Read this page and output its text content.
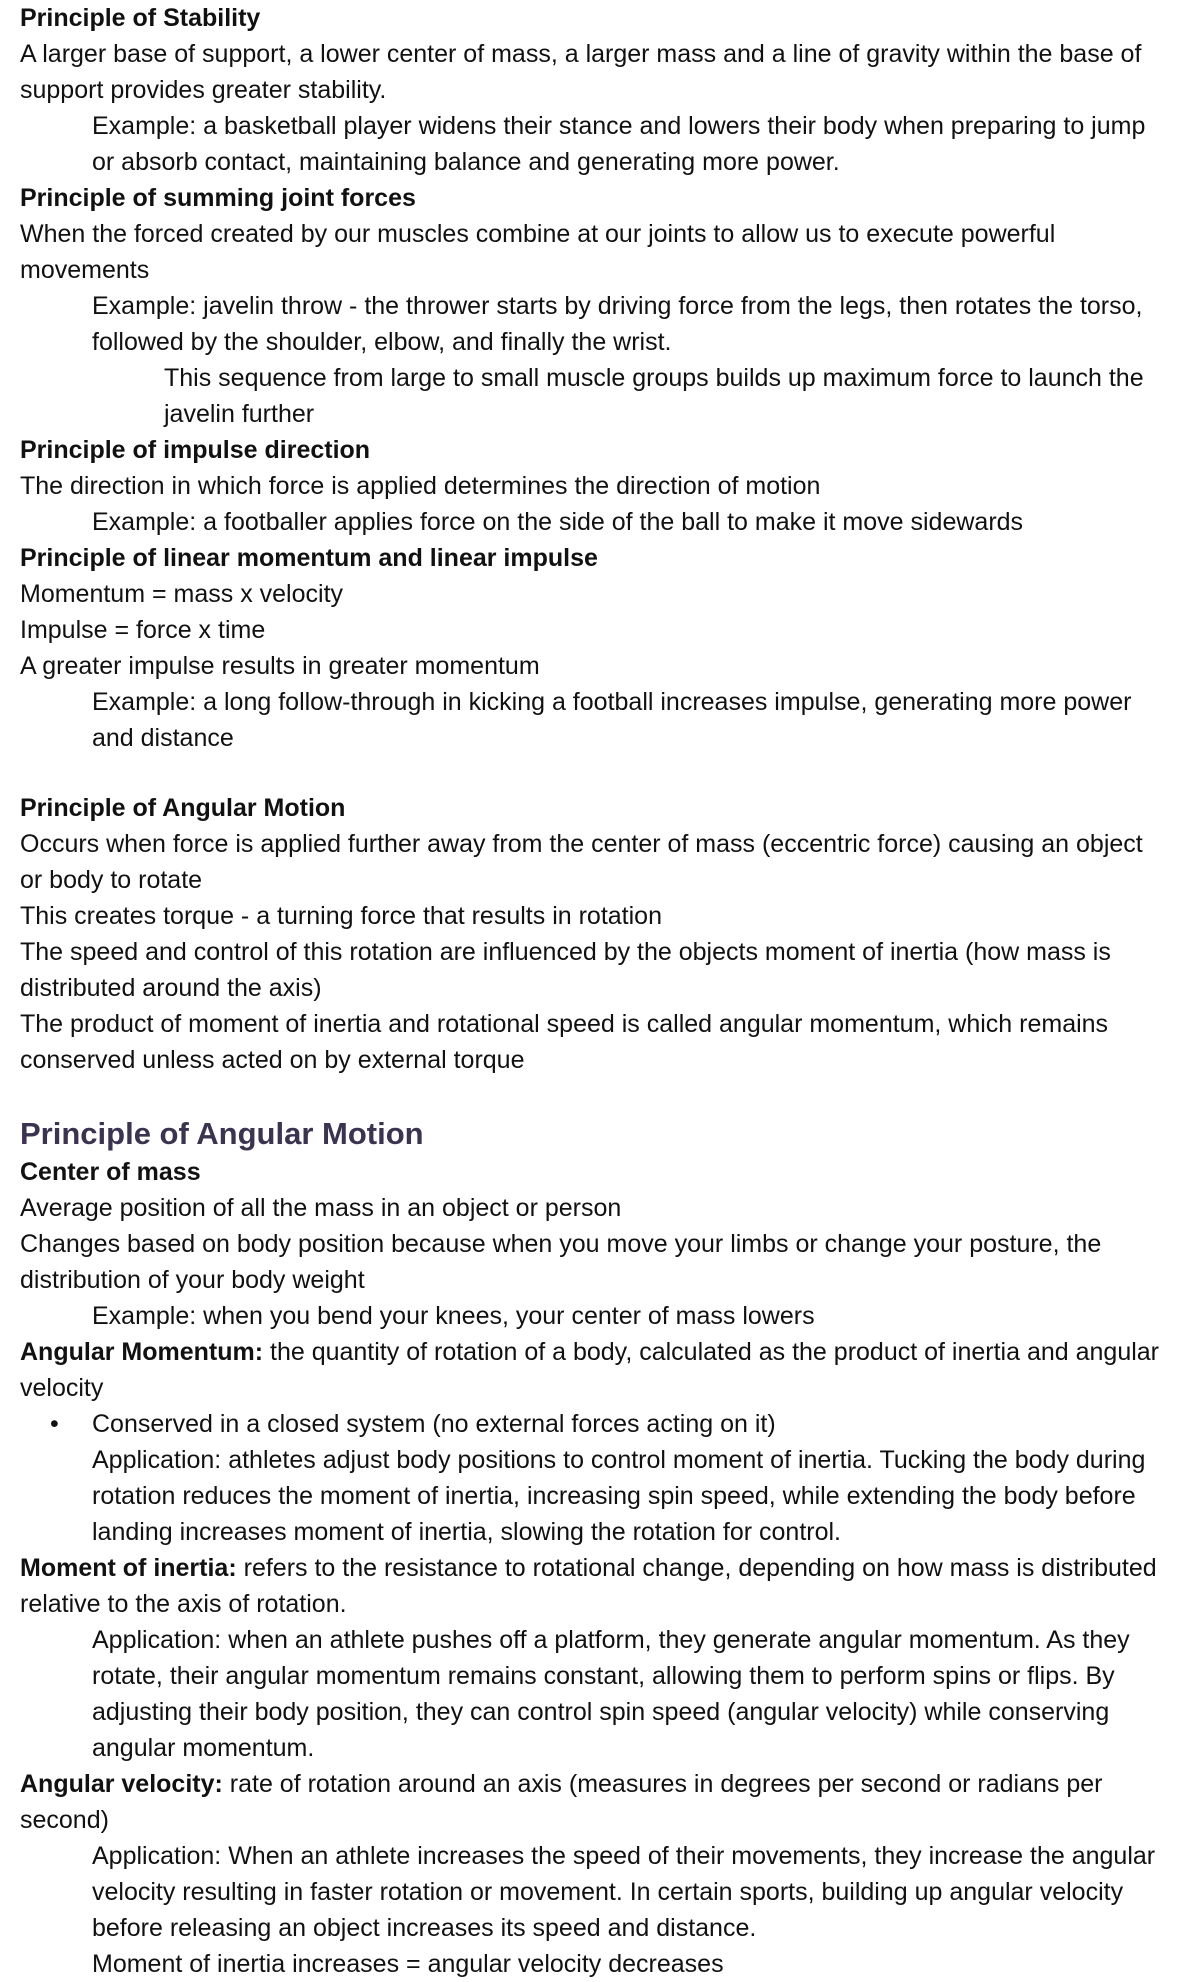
Principle of Stability
A larger base of support, a lower center of mass, a larger mass and a line of gravity within the base of support provides greater stability.
Example: a basketball player widens their stance and lowers their body when preparing to jump or absorb contact, maintaining balance and generating more power.
Principle of summing joint forces
When the forced created by our muscles combine at our joints to allow us to execute powerful movements
Example: javelin throw - the thrower starts by driving force from the legs, then rotates the torso, followed by the shoulder, elbow, and finally the wrist.
This sequence from large to small muscle groups builds up maximum force to launch the javelin further
Principle of impulse direction
The direction in which force is applied determines the direction of motion
Example: a footballer applies force on the side of the ball to make it move sidewards
Principle of linear momentum and linear impulse
Momentum = mass x velocity
Impulse = force x time
A greater impulse results in greater momentum
Example: a long follow-through in kicking a football increases impulse, generating more power and distance
Principle of Angular Motion
Occurs when force is applied further away from the center of mass (eccentric force) causing an object or body to rotate
This creates torque - a turning force that results in rotation
The speed and control of this rotation are influenced by the objects moment of inertia (how mass is distributed around the axis)
The product of moment of inertia and rotational speed is called angular momentum, which remains conserved unless acted on by external torque
Principle of Angular Motion
Center of mass
Average position of all the mass in an object or person
Changes based on body position because when you move your limbs or change your posture, the distribution of your body weight
Example: when you bend your knees, your center of mass lowers
Angular Momentum: the quantity of rotation of a body, calculated as the product of inertia and angular velocity
•	Conserved in a closed system (no external forces acting on it)
Application: athletes adjust body positions to control moment of inertia. Tucking the body during rotation reduces the moment of inertia, increasing spin speed, while extending the body before landing increases moment of inertia, slowing the rotation for control.
Moment of inertia: refers to the resistance to rotational change, depending on how mass is distributed relative to the axis of rotation.
Application: when an athlete pushes off a platform, they generate angular momentum. As they rotate, their angular momentum remains constant, allowing them to perform spins or flips. By adjusting their body position, they can control spin speed (angular velocity) while conserving angular momentum.
Angular velocity: rate of rotation around an axis (measures in degrees per second or radians per second)
Application: When an athlete increases the speed of their movements, they increase the angular velocity resulting in faster rotation or movement. In certain sports, building up angular velocity before releasing an object increases its speed and distance.
Moment of inertia increases = angular velocity decreases
